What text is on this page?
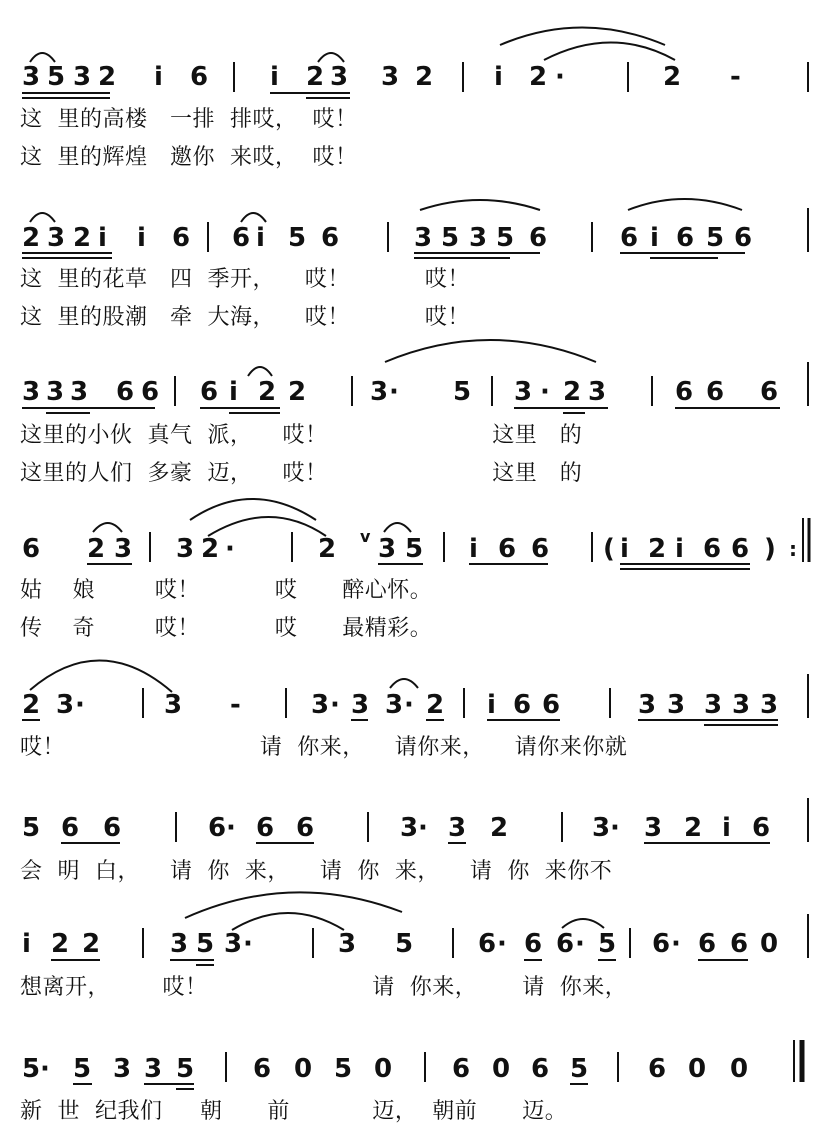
3 5 3 2 i 6 i 2 3 3 2 i 2 ·	2 -
2 3 2 i i 6 6 i 5 6	3 5 3 5 6	6 i 6 5 6
3 3 3 6 6 6 i 2 2 3 · 5 3 · 2 3	6 6 6
6 2 3 3 2 ·	2 v 3 5 i 6 6 ( i 2 i 6 6 ) :
2 3 ·	3 -	3 · 3 3 · 2 i 6 6	3 3 3 3 3
5 6 6	6 · 6 6	3 · 3 2	3 · 3 2 i 6
i 2 2	3 5 3 ·	3 5 6 · 6 6 · 5 6 · 6 6 0
5 · 5 3 3 5 6 0 5 0 6 0 6 5 6 0 0
这  里的高楼   一排  排哎，  哎！
这  里的辉煌   邀你  来哎，  哎！
这  里的花草   四  季开，    哎！          哎！
这  里的股潮   牵  大海，    哎！          哎！
这里的小伙  真气  派，    哎！                      这里   的
这里的人们  多豪  迈，    哎！                      这里   的
姑    娘        哎！          哎      醉心怀。
传    奇        哎！          哎      最精彩。
哎！                          请  你来，    请你来，    请你来你就
会  明  白，    请  你  来，    请  你  来，    请  你  来你不
想离开，       哎！                      请  你来，      请  你来，
新  世  纪我们     朝      前           迈，  朝前      迈。
